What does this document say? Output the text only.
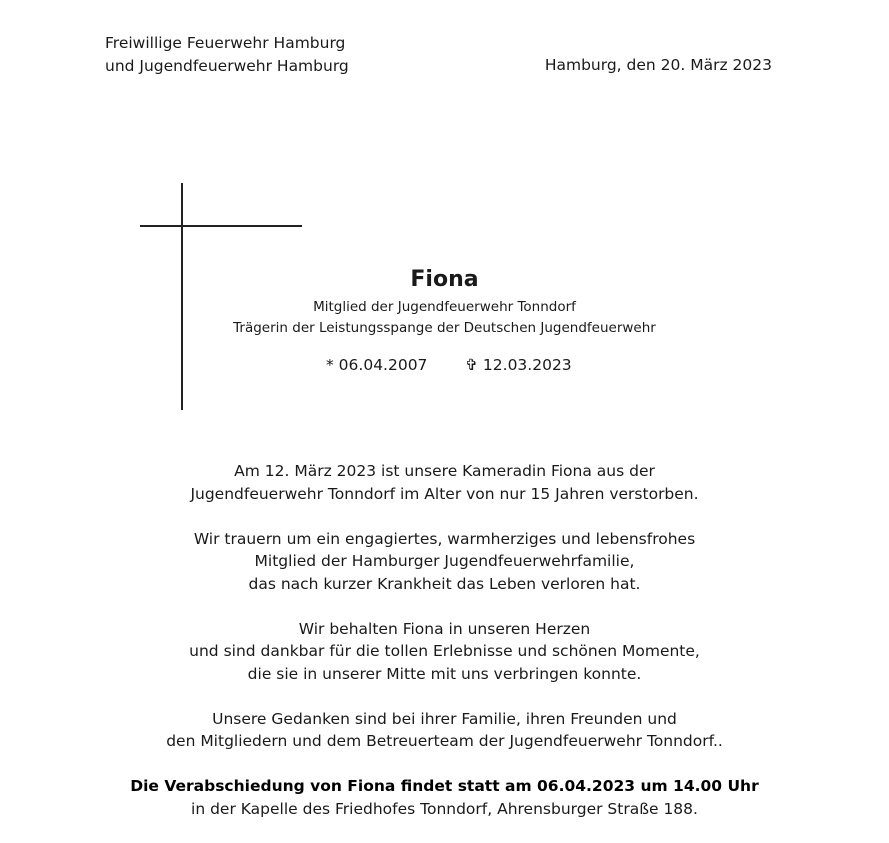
Freiwillige Feuerwehr Hamburg
und Jugendfeuerwehr Hamburg	Hamburg, den 20. März 2023
Fiona
Mitglied der Jugendfeuerwehr Tonndorf
Trägerin der Leistungsspange der Deutschen Jugendfeuerwehr
* 06.04.2007 ✞ 12.03.2023

Am 12. März 2023 ist unsere Kameradin Fiona aus der
Jugendfeuerwehr Tonndorf im Alter von nur 15 Jahren verstorben.

Wir trauern um ein engagiertes, warmherziges und lebensfrohes
Mitglied der Hamburger Jugendfeuerwehrfamilie,
das nach kurzer Krankheit das Leben verloren hat.

Wir behalten Fiona in unseren Herzen
und sind dankbar für die tollen Erlebnisse und schönen Momente,
die sie in unserer Mitte mit uns verbringen konnte.

Unsere Gedanken sind bei ihrer Familie, ihren Freunden und
den Mitgliedern und dem Betreuerteam der Jugendfeuerwehr Tonndorf..

Die Verabschiedung von Fiona findet statt am 06.04.2023 um 14.00 Uhr
in der Kapelle des Friedhofes Tonndorf, Ahrensburger Straße 188.
